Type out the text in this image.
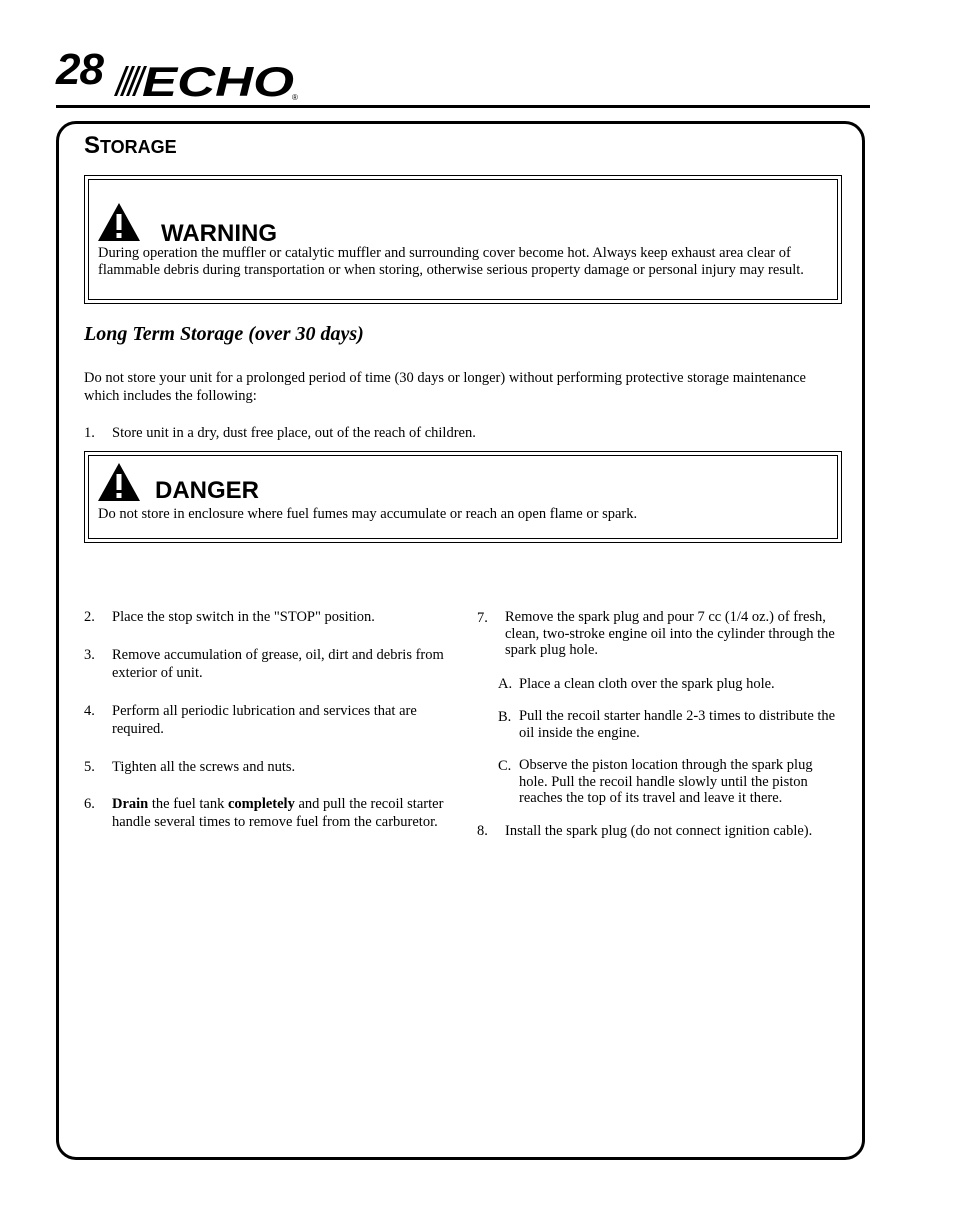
28 ECHO
®
STORAGE
WARNING
During operation the muffler or catalytic muffler and surrounding cover become hot. Always keep exhaust area clear of flammable debris during transportation or when storing, otherwise serious property damage or personal injury may result.
Long Term Storage (over 30 days)
Do not store your unit for a prolonged period of time (30 days or longer) without performing protective storage maintenance which includes the following:
1. Store unit in a dry, dust free place, out of the reach of children.
DANGER
Do not store in enclosure where fuel fumes may accumulate or reach an open flame or spark.
2. Place the stop switch in the "STOP" position.
3. Remove accumulation of grease, oil, dirt and debris from exterior of unit.
4. Perform all periodic lubrication and services that are required.
5. Tighten all the screws and nuts.
6. Drain the fuel tank completely and pull the recoil starter handle several times to remove fuel from the carburetor.
7. Remove the spark plug and pour 7 cc (1/4 oz.) of fresh, clean, two-stroke engine oil into the cylinder through the spark plug hole.
A. Place a clean cloth over the spark plug hole.
B. Pull the recoil starter handle 2-3 times to distribute the oil inside the engine.
C. Observe the piston location through the spark plug hole. Pull the recoil handle slowly until the piston reaches the top of its travel and leave it there.
8. Install the spark plug (do not connect ignition cable).
